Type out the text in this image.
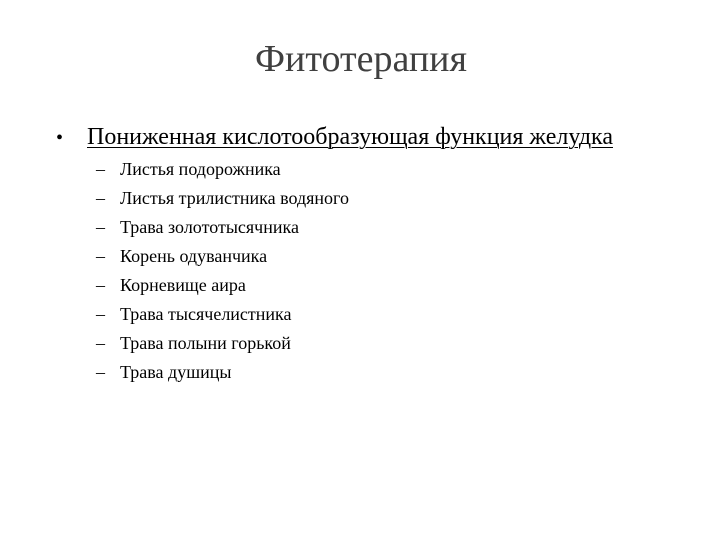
Фитотерапия
• Пониженная кислотообразующая функция желудка
– Листья подорожника
– Листья трилистника водяного
– Трава золототысячника
– Корень одуванчика
– Корневище аира
– Трава тысячелистника
– Трава полыни горькой
– Трава душицы
